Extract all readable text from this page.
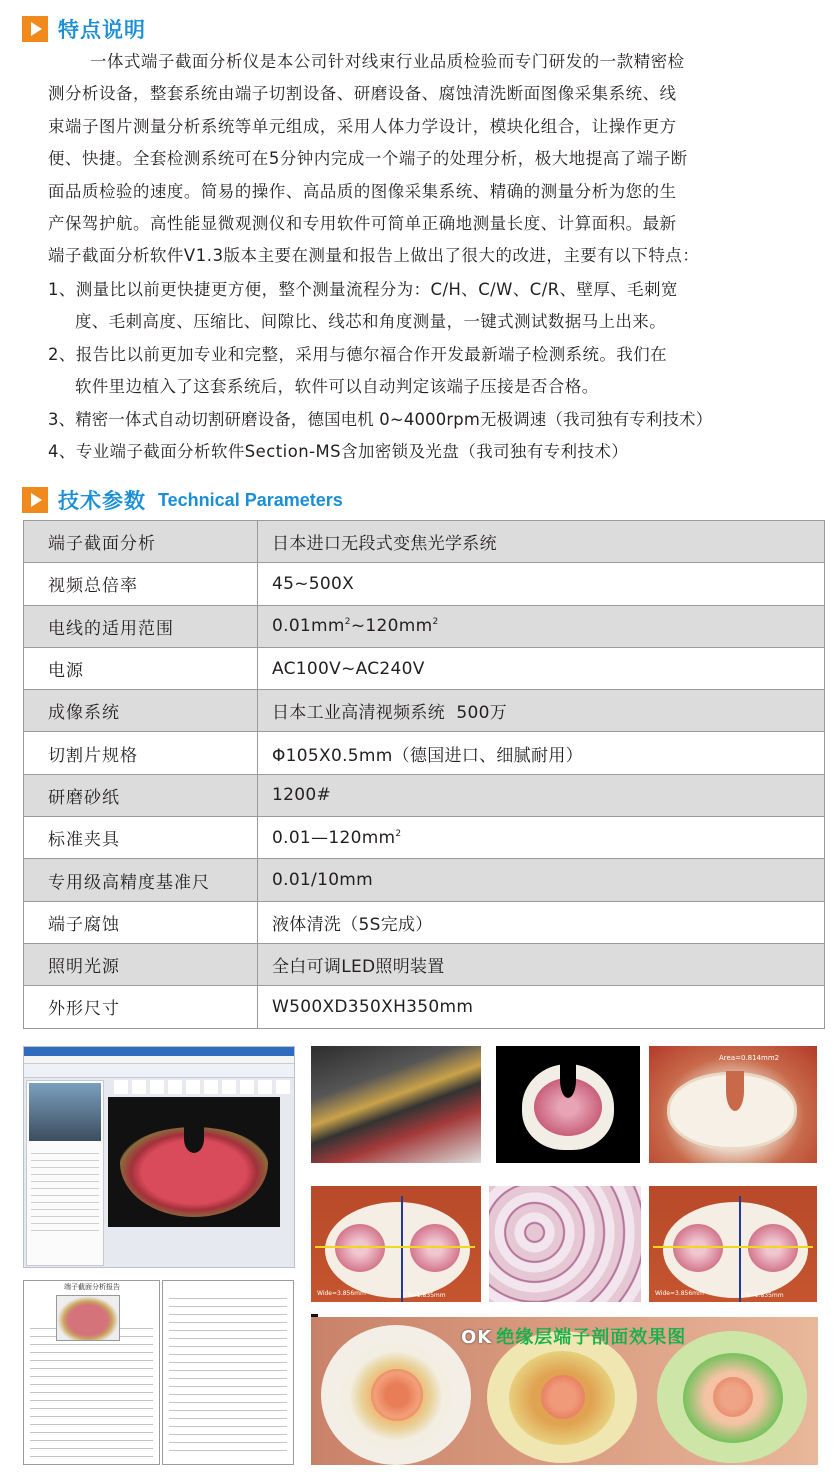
特点说明

一体式端子截面分析仪是本公司针对线束行业品质检验而专门研发的一款精密检

测分析设备，整套系统由端子切割设备、研磨设备、腐蚀清洗断面图像采集系统、线

束端子图片测量分析系统等单元组成，采用人体力学设计，模块化组合，让操作更方

便、快捷。全套检测系统可在5分钟内完成一个端子的处理分析，极大地提高了端子断

面品质检验的速度。简易的操作、高品质的图像采集系统、精确的测量分析为您的生

产保驾护航。高性能显微观测仪和专用软件可简单正确地测量长度、计算面积。最新

端子截面分析软件V1.3版本主要在测量和报告上做出了很大的改进，主要有以下特点：

1、测量比以前更快捷更方便，整个测量流程分为：C/H、C/W、C/R、壁厚、毛刺宽

度、毛刺高度、压缩比、间隙比、线芯和角度测量，一键式测试数据马上出来。

2、报告比以前更加专业和完整，采用与德尔福合作开发最新端子检测系统。我们在

软件里边植入了这套系统后，软件可以自动判定该端子压接是否合格。

3、精密一体式自动切割研磨设备，德国电机 0~4000rpm无极调速（我司独有专利技术）

4、专业端子截面分析软件Section-MS含加密锁及光盘（我司独有专利技术）

技术参数 Technical Parameters
端子截面分析	日本进口无段式变焦光学系统
视频总倍率	45~500X
电线的适用范围	$0.01mm^2\sim 120mm^2$
电源	AC100V~AC240V
成像系统	日本工业高清视频系统  500万
切割片规格	Φ105X0.5mm（德国进口、细腻耐用）
研磨砂纸	1200#
标准夹具	$0.01—120mm^2$
专用级高精度基准尺	0.01/10mm
端子腐蚀	液体清洗（5S完成）
照明光源	全白可调LED照明装置
外形尺寸	W500XD350XH350mm
端子截面分析报告
Area=0.814mm2
Wide=3.856mm	CH=1.835mm	Wide=3.856mm	CH=1.835mm
OK 绝缘层端子剖面效果图
